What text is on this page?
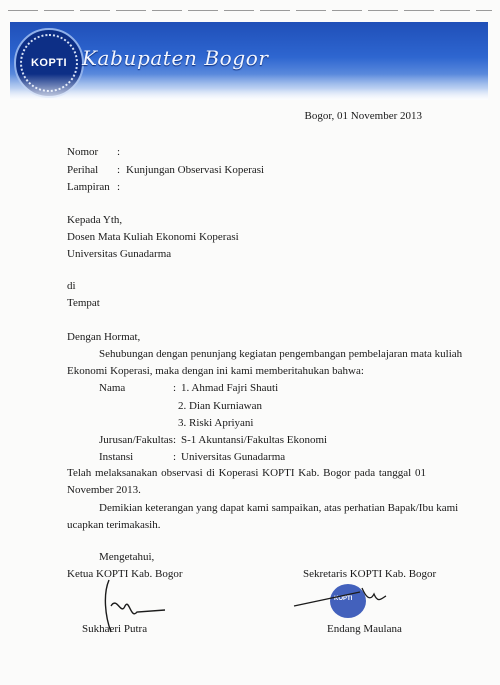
KOPTI Kabupaten Bogor
Bogor, 01 November 2013
Nomor :
Perihal : Kunjungan Observasi Koperasi
Lampiran :
Kepada Yth,
Dosen Mata Kuliah Ekonomi Koperasi
Universitas Gunadarma
di
Tempat
Dengan Hormat,
Sehubungan dengan penunjang kegiatan pengembangan pembelajaran mata kuliah
Ekonomi Koperasi, maka dengan ini kami memberitahukan bahwa:
Nama	: 1. Ahmad Fajri Shauti
2. Dian Kurniawan
3. Riski Apriyani
Jurusan/Fakultas : S-1 Akuntansi/Fakultas Ekonomi
Instansi	: Universitas Gunadarma
Telah melaksanakan observasi di Koperasi KOPTI Kab. Bogor pada tanggal 01
November 2013.
Demikian keterangan yang dapat kami sampaikan, atas perhatian Bapak/Ibu kami
ucapkan terimakasih.
Mengetahui,
Ketua KOPTI Kab. Bogor	Sekretaris KOPTI Kab. Bogor
KOPTI
Sukhaeri Putra	Endang Maulana
